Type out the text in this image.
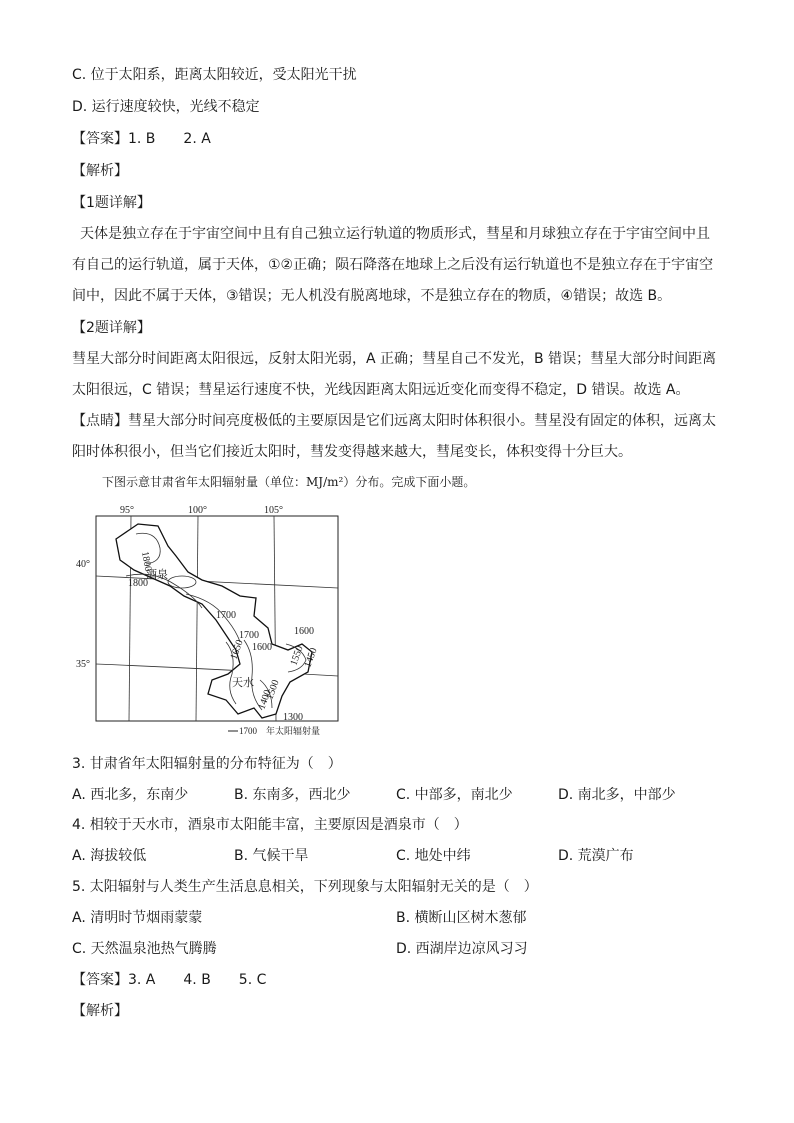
C. 位于太阳系，距离太阳较近，受太阳光干扰
D. 运行速度较快，光线不稳定
【答案】1. B　　2. A
【解析】
【1题详解】
天体是独立存在于宇宙空间中且有自己独立运行轨道的物质形式，彗星和月球独立存在于宇宙空间中且
有自己的运行轨道，属于天体，①②正确；陨石降落在地球上之后没有运行轨道也不是独立存在于宇宙空
间中，因此不属于天体，③错误；无人机没有脱离地球，不是独立存在的物质，④错误；故选 B。
【2题详解】
彗星大部分时间距离太阳很远，反射太阳光弱，A 正确；彗星自己不发光，B 错误；彗星大部分时间距离
太阳很远，C 错误；彗星运行速度不快，光线因距离太阳远近变化而变得不稳定，D 错误。故选 A。
【点睛】彗星大部分时间亮度极低的主要原因是它们远离太阳时体积很小。彗星没有固定的体积，远离太
阳时体积很小，但当它们接近太阳时，彗发变得越来越大，彗尾变长，体积变得十分巨大。
下图示意甘肃省年太阳辐射量（单位：MJ/m²）分布。完成下面小题。
95°	100°	105°
40°
35°
酒泉
天水
1800
1800
1700
1700
1650 1600
1600
1550
1450
1500
1400
1300
1700 年太阳辐射量
3. 甘肃省年太阳辐射量的分布特征为（　）
A. 西北多，东南少	B. 东南多，西北少	C. 中部多，南北少	D. 南北多，中部少
4. 相较于天水市，酒泉市太阳能丰富，主要原因是酒泉市（　）
A. 海拔较低	B. 气候干旱	C. 地处中纬	D. 荒漠广布
5. 太阳辐射与人类生产生活息息相关，下列现象与太阳辐射无关的是（　）
A. 清明时节烟雨蒙蒙	B. 横断山区树木葱郁
C. 天然温泉池热气腾腾	D. 西湖岸边凉风习习
【答案】3. A　　4. B　　5. C
【解析】
